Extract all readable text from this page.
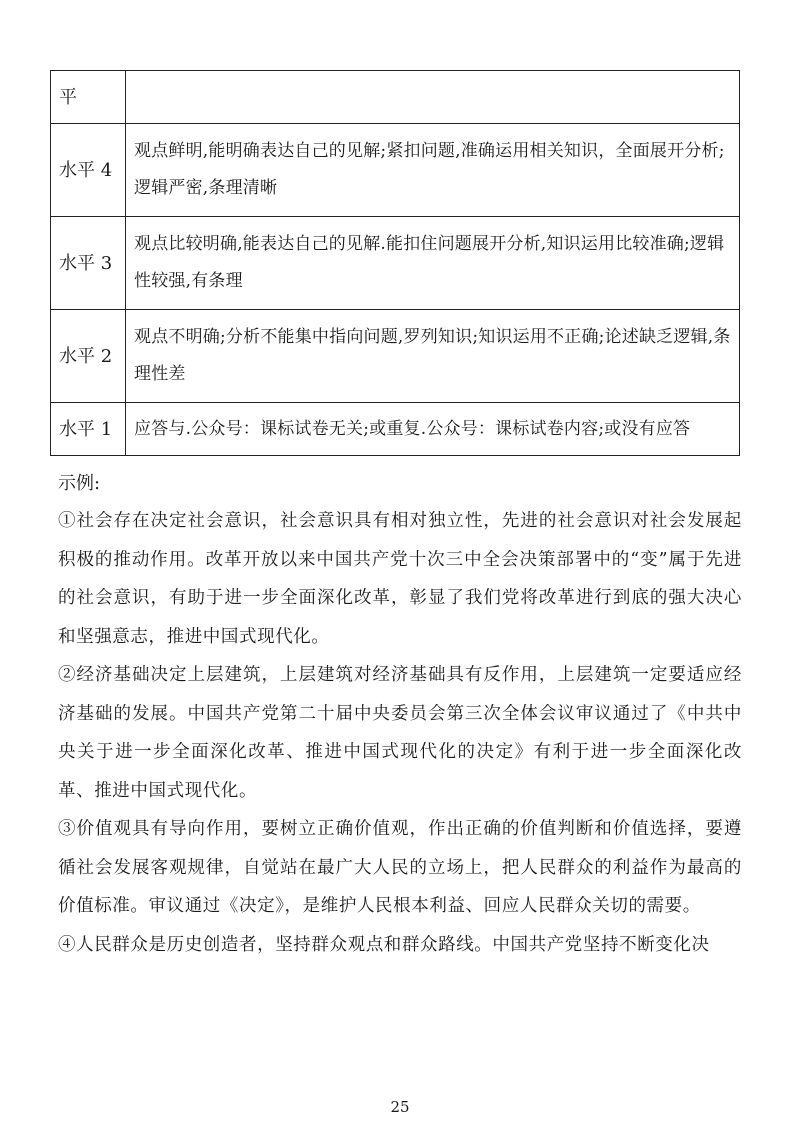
平	
水平 4	观点鲜明,能明确表达自己的见解;紧扣问题,准确运用相关知识，全面展开分析;逻辑严密,条理清晰
水平 3	观点比较明确,能表达自己的见解.能扣住问题展开分析,知识运用比较准确;逻辑性较强,有条理
水平 2	观点不明确;分析不能集中指向问题,罗列知识;知识运用不正确;论述缺乏逻辑,条理性差
水平 1	应答与.公众号：课标试卷无关;或重复.公众号：课标试卷内容;或没有应答
示例:

①社会存在决定社会意识，社会意识具有相对独立性，先进的社会意识对社会发展起积极的推动作用。改革开放以来中国共产党十次三中全会决策部署中的“变”属于先进的社会意识，有助于进一步全面深化改革，彰显了我们党将改革进行到底的强大决心和坚强意志，推进中国式现代化。

②经济基础决定上层建筑，上层建筑对经济基础具有反作用，上层建筑一定要适应经济基础的发展。中国共产党第二十届中央委员会第三次全体会议审议通过了《中共中央关于进一步全面深化改革、推进中国式现代化的决定》有利于进一步全面深化改革、推进中国式现代化。

③价值观具有导向作用，要树立正确价值观，作出正确的价值判断和价值选择，要遵循社会发展客观规律，自觉站在最广大人民的立场上，把人民群众的利益作为最高的价值标准。审议通过《决定》，是维护人民根本利益、回应人民群众关切的需要。

④人民群众是历史创造者，坚持群众观点和群众路线。中国共产党坚持不断变化决

25
